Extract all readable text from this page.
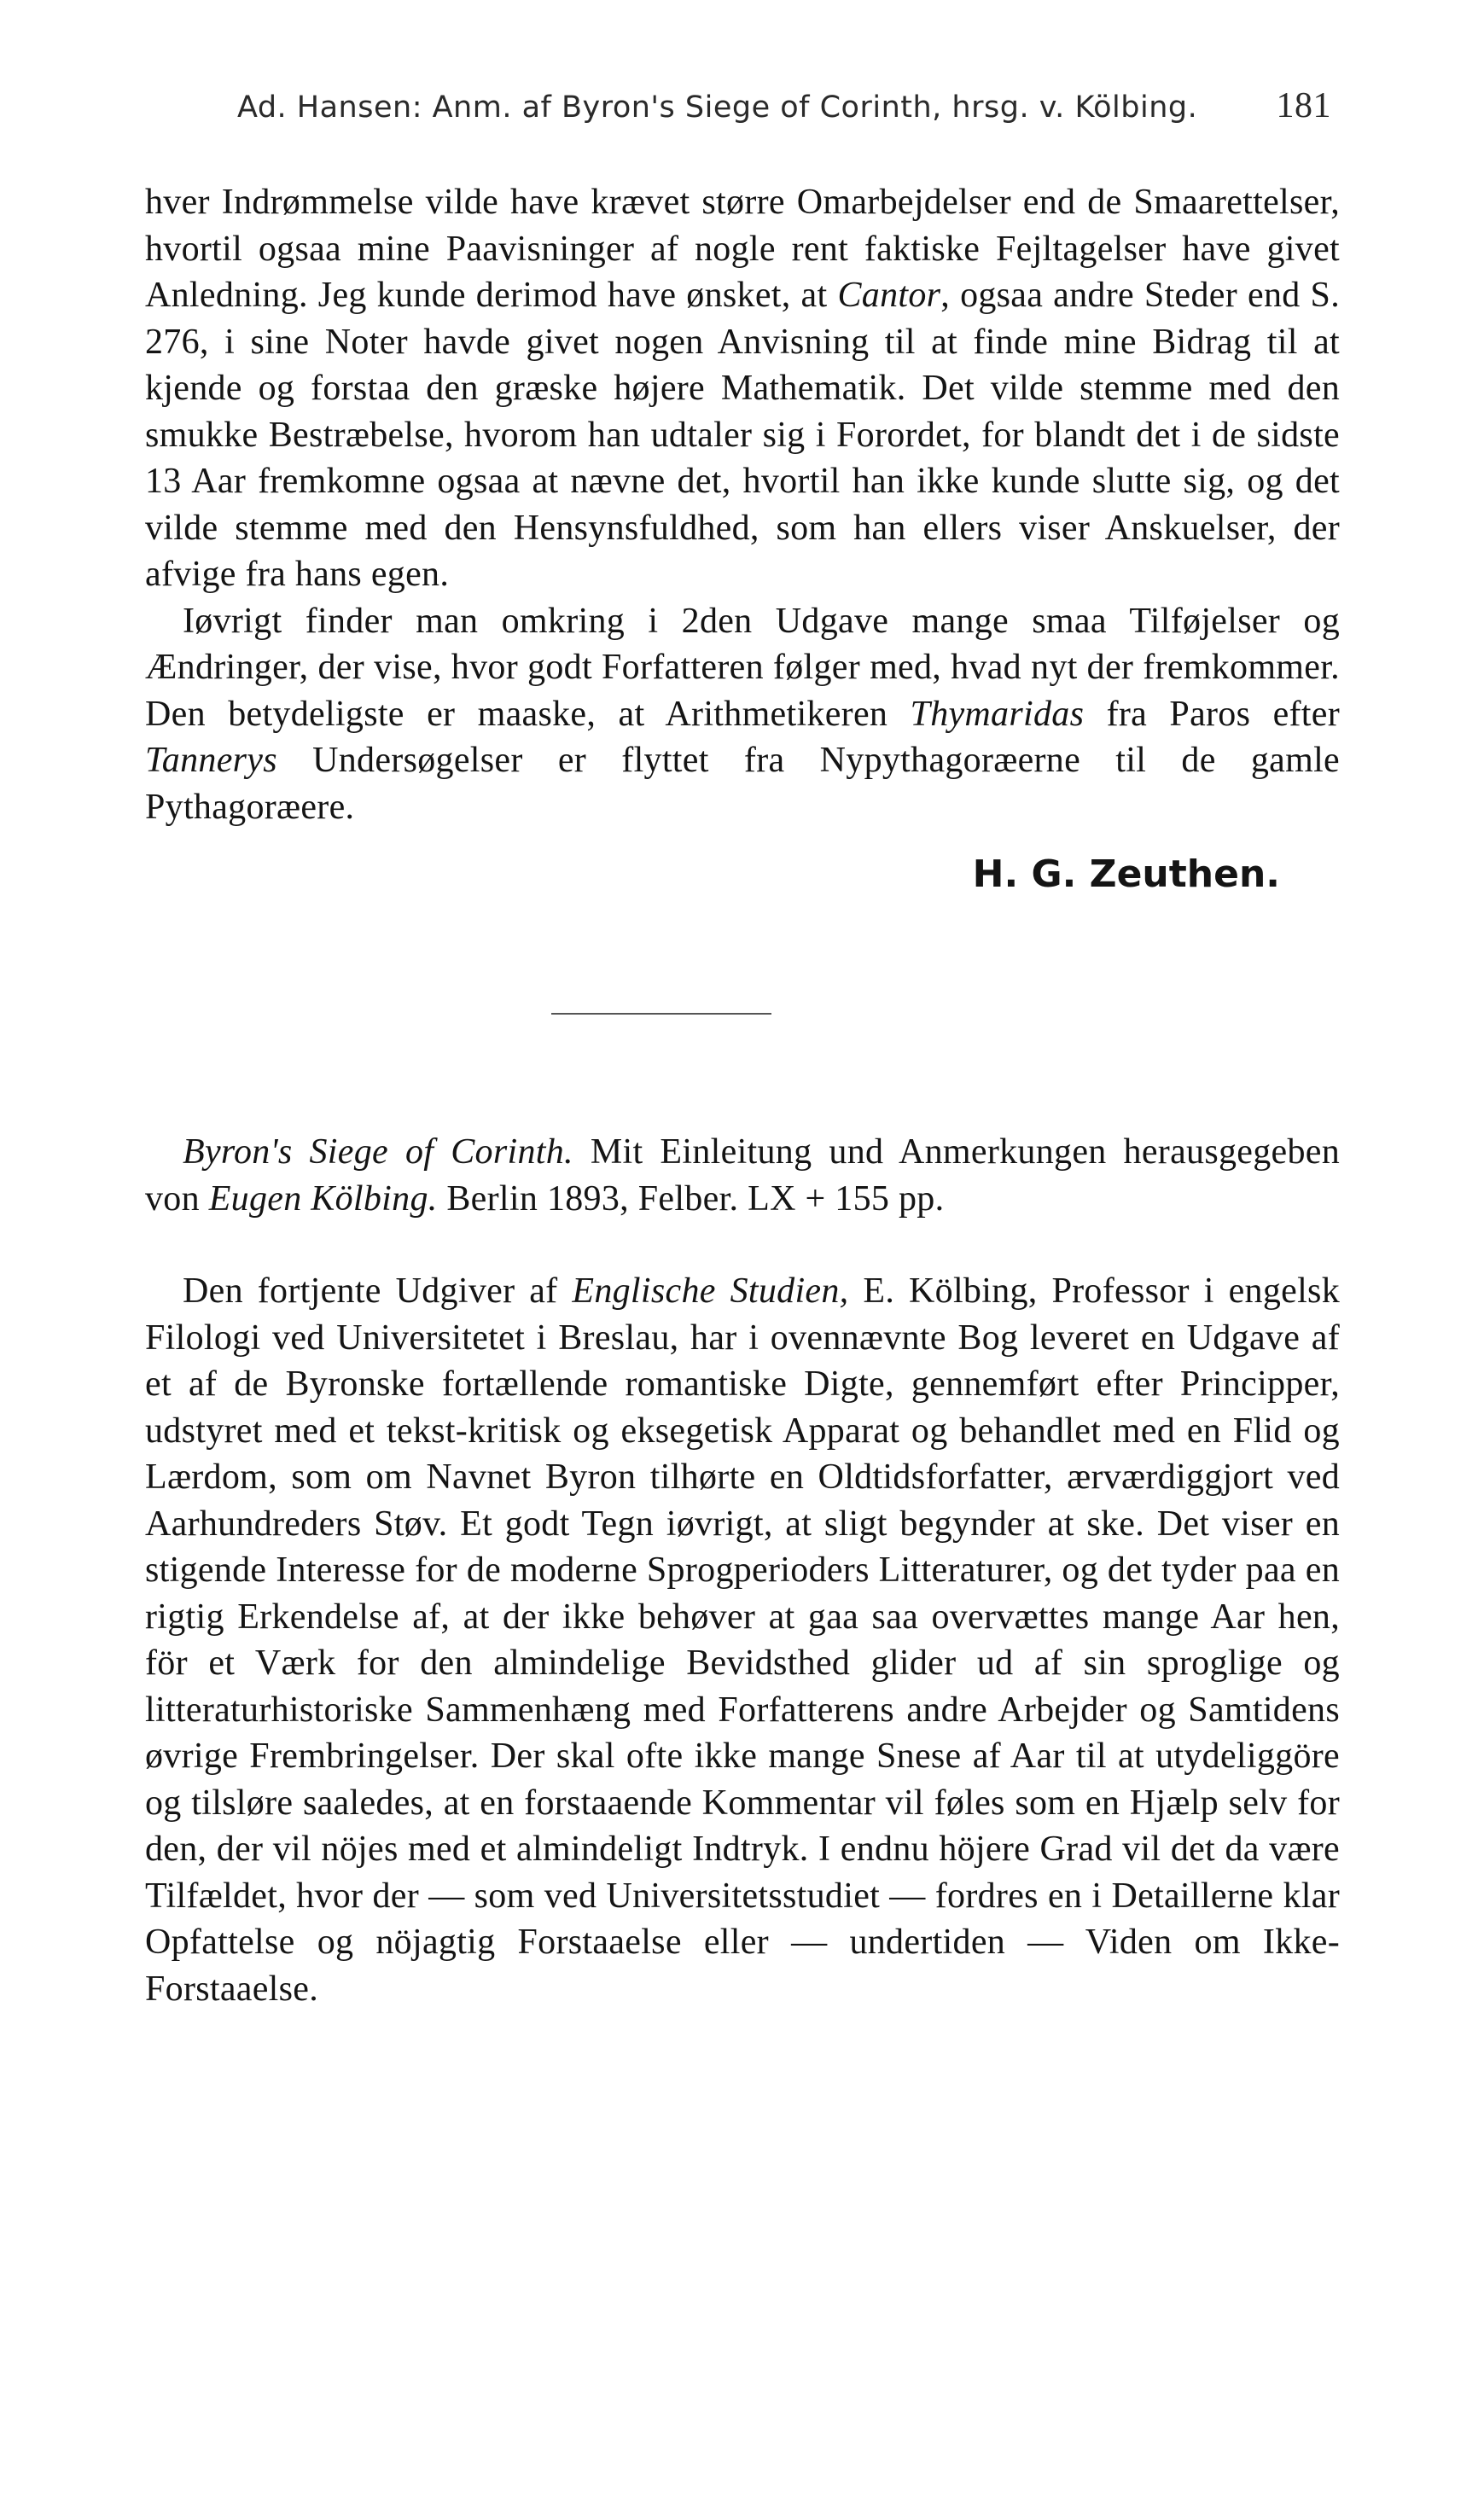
Ad. Hansen: Anm. af Byron's Siege of Corinth, hrsg. v. Kölbing. 181

hver Indrømmelse vilde have krævet større Omarbejdelser end de Smaarettelser, hvortil ogsaa mine Paavisninger af nogle rent faktiske Fejltagelser have givet Anledning. Jeg kunde derimod have ønsket, at Cantor, ogsaa andre Steder end S. 276, i sine Noter havde givet nogen Anvisning til at finde mine Bidrag til at kjende og forstaa den græske højere Mathematik. Det vilde stemme med den smukke Bestræbelse, hvorom han udtaler sig i Forordet, for blandt det i de sidste 13 Aar fremkomne ogsaa at nævne det, hvortil han ikke kunde slutte sig, og det vilde stemme med den Hensynsfuldhed, som han ellers viser Anskuelser, der afvige fra hans egen.

Iøvrigt finder man omkring i 2den Udgave mange smaa Tilføjelser og Ændringer, der vise, hvor godt Forfatteren følger med, hvad nyt der fremkommer. Den betydeligste er maaske, at Arithmetikeren Thymaridas fra Paros efter Tannerys Undersøgelser er flyttet fra Nypythagoræerne til de gamle Pythagoræere.

H. G. Zeuthen.

Byron's Siege of Corinth. Mit Einleitung und Anmerkungen herausgegeben von Eugen Kölbing. Berlin 1893, Felber. LX + 155 pp.

Den fortjente Udgiver af Englische Studien, E. Kölbing, Professor i engelsk Filologi ved Universitetet i Breslau, har i ovennævnte Bog leveret en Udgave af et af de Byronske fortællende romantiske Digte, gennemført efter Principper, udstyret med et tekst-kritisk og eksegetisk Apparat og behandlet med en Flid og Lærdom, som om Navnet Byron tilhørte en Oldtidsforfatter, ærværdiggjort ved Aarhundreders Støv. Et godt Tegn iøvrigt, at sligt begynder at ske. Det viser en stigende Interesse for de moderne Sprogperioders Litteraturer, og det tyder paa en rigtig Erkendelse af, at der ikke behøver at gaa saa overvættes mange Aar hen, för et Værk for den almindelige Bevidsthed glider ud af sin sproglige og litteraturhistoriske Sammenhæng med Forfatterens andre Arbejder og Samtidens øvrige Frembringelser. Der skal ofte ikke mange Snese af Aar til at utydeliggöre og tilsløre saaledes, at en forstaaende Kommentar vil føles som en Hjælp selv for den, der vil nöjes med et almindeligt Indtryk. I endnu höjere Grad vil det da være Tilfældet, hvor der — som ved Universitetsstudiet — fordres en i Detaillerne klar Opfattelse og nöjagtig Forstaaelse eller — undertiden — Viden om Ikke-Forstaaelse.
